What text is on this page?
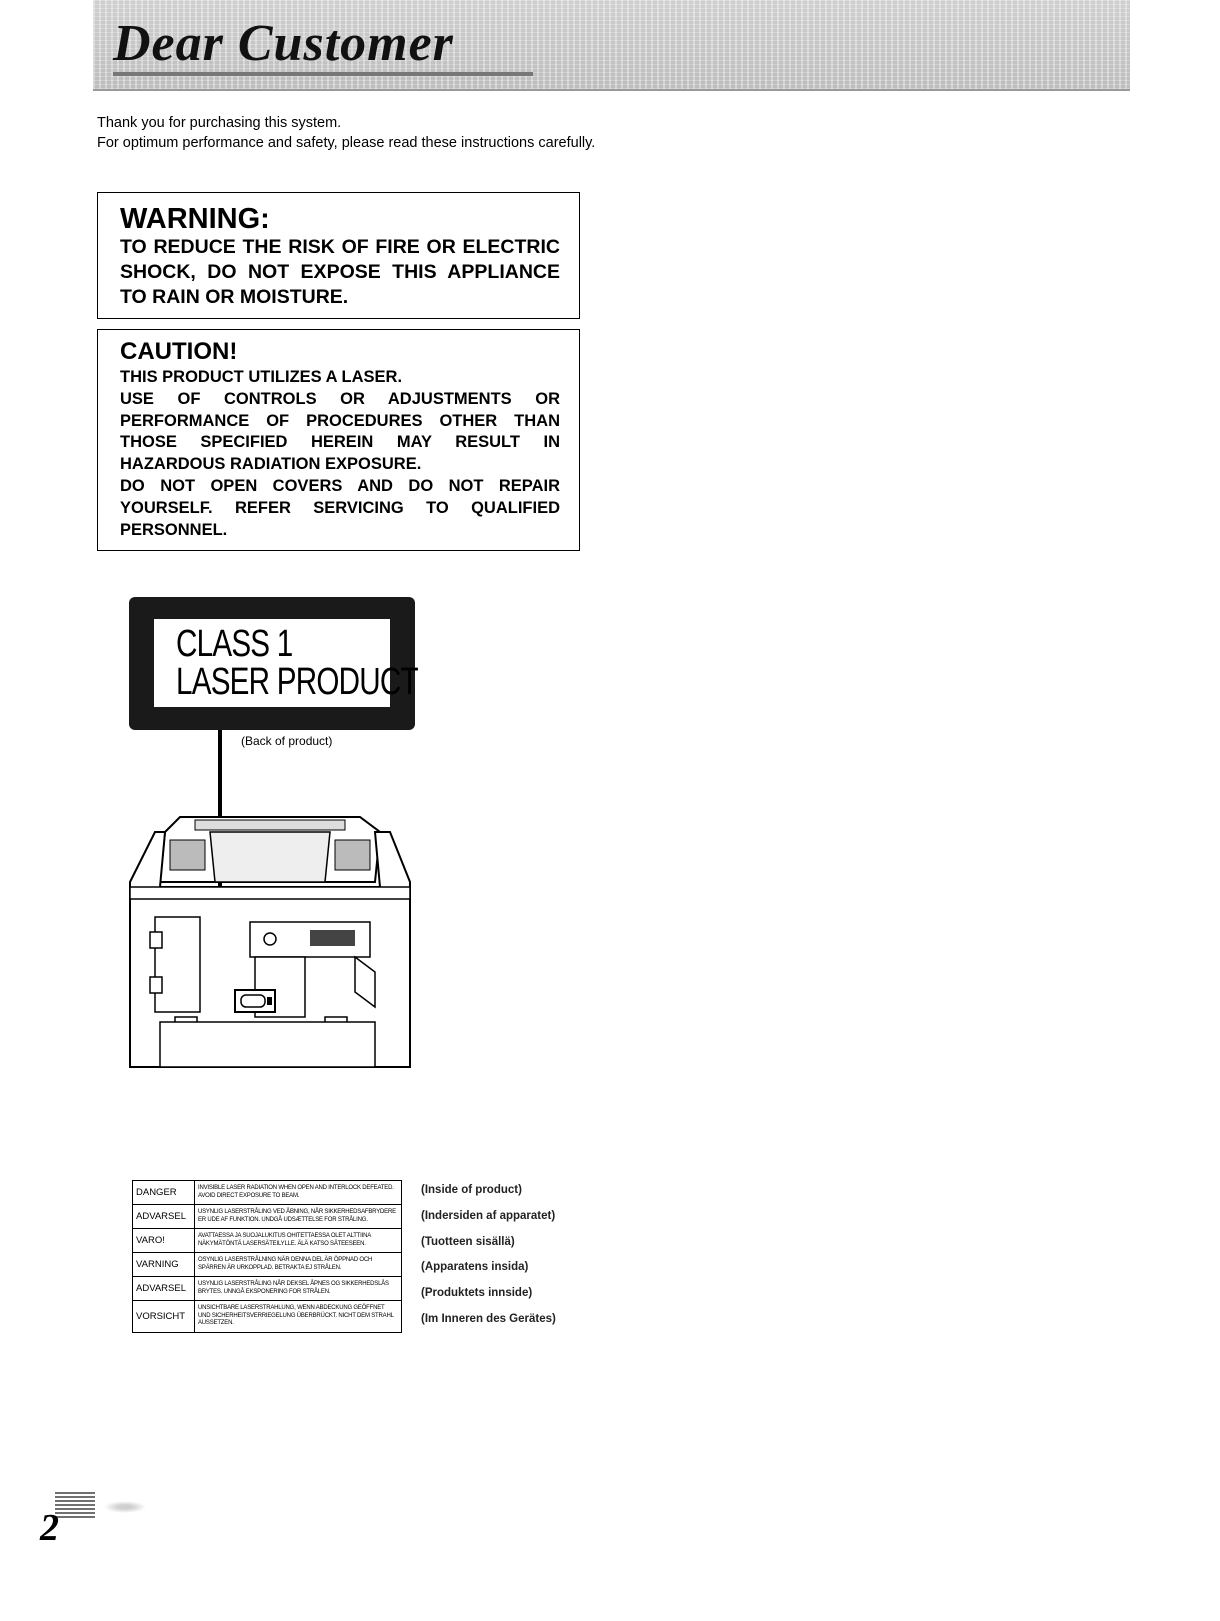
Dear Customer
Thank you for purchasing this system.
For optimum performance and safety, please read these instructions carefully.
WARNING:
TO REDUCE THE RISK OF FIRE OR ELECTRIC SHOCK, DO NOT EXPOSE THIS APPLIANCE TO RAIN OR MOISTURE.
CAUTION!
THIS PRODUCT UTILIZES A LASER.
USE OF CONTROLS OR ADJUSTMENTS OR PERFORMANCE OF PROCEDURES OTHER THAN THOSE SPECIFIED HEREIN MAY RESULT IN HAZARDOUS RADIATION EXPOSURE.
DO NOT OPEN COVERS AND DO NOT REPAIR YOURSELF. REFER SERVICING TO QUALIFIED PERSONNEL.
CLASS 1
LASER PRODUCT
(Back of product)
DANGER	INVISIBLE LASER RADIATION WHEN OPEN AND INTERLOCK DEFEATED. AVOID DIRECT EXPOSURE TO BEAM.
ADVARSEL	USYNLIG LASERSTRÅLING VED ÅBNING, NÅR SIKKERHEDSAFBRYDERE ER UDE AF FUNKTION. UNDGÅ UDSÆTTELSE FOR STRÅLING.
VARO!	AVATTAESSA JA SUOJALUKITUS OHITETTAESSA OLET ALTTIINA NÄKYMÄTÖNTÄ LASERSÄTEILYLLE. ÄLÄ KATSO SÄTEESEEN.
VARNING	OSYNLIG LASERSTRÅLNING NÄR DENNA DEL ÄR ÖPPNAD OCH SPÄRREN ÄR URKOPPLAD. BETRAKTA EJ STRÅLEN.
ADVARSEL	USYNLIG LASERSTRÅLING NÅR DEKSEL ÅPNES OG SIKKERHEDSLÅS BRYTES. UNNGÅ EKSPONERING FOR STRÅLEN.
VORSICHT	UNSICHTBARE LASERSTRAHLUNG, WENN ABDECKUNG GEÖFFNET UND SICHERHEITSVERRIEGELUNG ÜBERBRÜCKT. NICHT DEM STRAHL AUSSETZEN.
(Inside of product)
(Indersiden af apparatet)
(Tuotteen sisällä)
(Apparatens insida)
(Produktets innside)
(Im Inneren des Gerätes)
2
